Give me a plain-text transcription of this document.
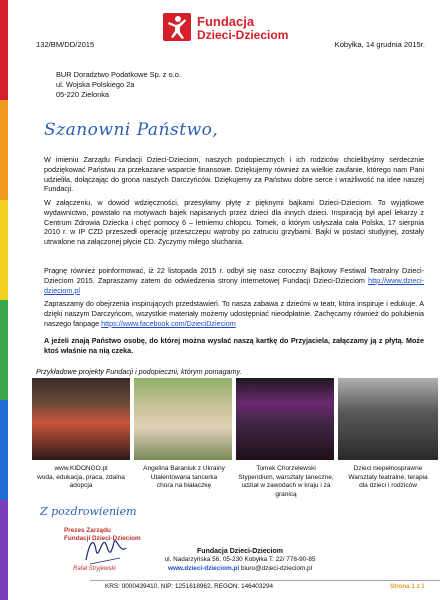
Fundacja
Dzieci-Dzieciom
132/BM/DD/2015	Kobyłka, 14 grudnia 2015r.
BUR Doradztwo Podatkowe Sp. z o.o.
ul. Wojska Polskiego 2a
05-220 Zielonka
Szanowni Państwo,
W imieniu Zarządu Fundacji Dzieci-Dzieciom, naszych podopiecznych i ich rodziców chcielibyśmy serdecznie podziękować Państwu za przekazane wsparcie finansowe. Dziękujemy również za wielkie zaufanie, którego nam Pani udzieliła, dołączając do grona naszych Darczyńców. Dziękujemy za Państwu dobre serce i wrażliwość na idee naszej Fundacji.
W załączeniu, w dowód wdzięczności, przesyłamy płytę z pięknymi bajkami Dzieci-Dzieciom. To wyjątkowe wydawnictwo, powstało na motywach bajek napisanych przez dzieci dla innych dzieci. Inspiracją był apel lekarzy z Centrum Zdrowia Dziecka i chęć pomocy 6 – letniemu chłopcu. Tomek, o którym usłyszała cała Polska, 17 sierpnia 2010 r. w IP CZD przeszedł operację przeszczepu wątroby po zatruciu grzybami. Bajki w postaci studyjnej, zostały utrwalone na załączonej płycie CD. Życzymy miłego słuchania.
Pragnę również poinformować, iż 22 listopada 2015 r. odbył się nasz coroczny Bajkowy Festiwal Teatralny Dzieci-Dzieciom 2015. Zapraszamy zatem do odwiedzenia strony internetowej Fundacji Dzieci-Dzieciom http://www.dzieci-dzieciom.pl
Zapraszamy do obejrzenia inspirujących przedstawień. To nasza zabawa z dziećmi w teatr, która inspiruje i edukuje. A dzięki naszym Darczyńcom, wszystkie materiały możemy udostępniać nieodpłatnie. Zachęcamy również do polubienia naszego fanpage https://www.facebook.com/DzieciDzieciom
A jeżeli znają Państwo osobę, do której można wysłać naszą kartkę do Przyjaciela, załączamy ją z płytą. Może ktoś właśnie na nią czeka.
Przykładowe projekty Fundacji i podopieczni, którym pomagamy.
www.KIDONGO.pl
woda, edukacja, praca, zdalna
adopcja
Angelina Baraniuk z Ukrainy
Utalentowana tancerka
chora na białaczkę
Tomek Chorzelewski
Stypendium, warsztaty taneczne,
udział w zawodach w kraju i za granicą
Dzieci niepełnosprawne
Warsztaty teatralne, terapia
dla dzieci i rodziców
Z pozdrowieniem
Prezes Zarządu
Fundacji Dzieci-Dzieciom
Rafał Stryjewski
Fundacja Dzieci-Dzieciom
ul. Nadarzyńska 56, 05-230 Kobyłka T. 22/ 778-90-85
www.dzieci-dzieciom.pl biuro@dzieci-dzieciom.pl
KRS: 0000439410, NIP: 1251618962, REGON: 146403294	Strona 1 z 1
